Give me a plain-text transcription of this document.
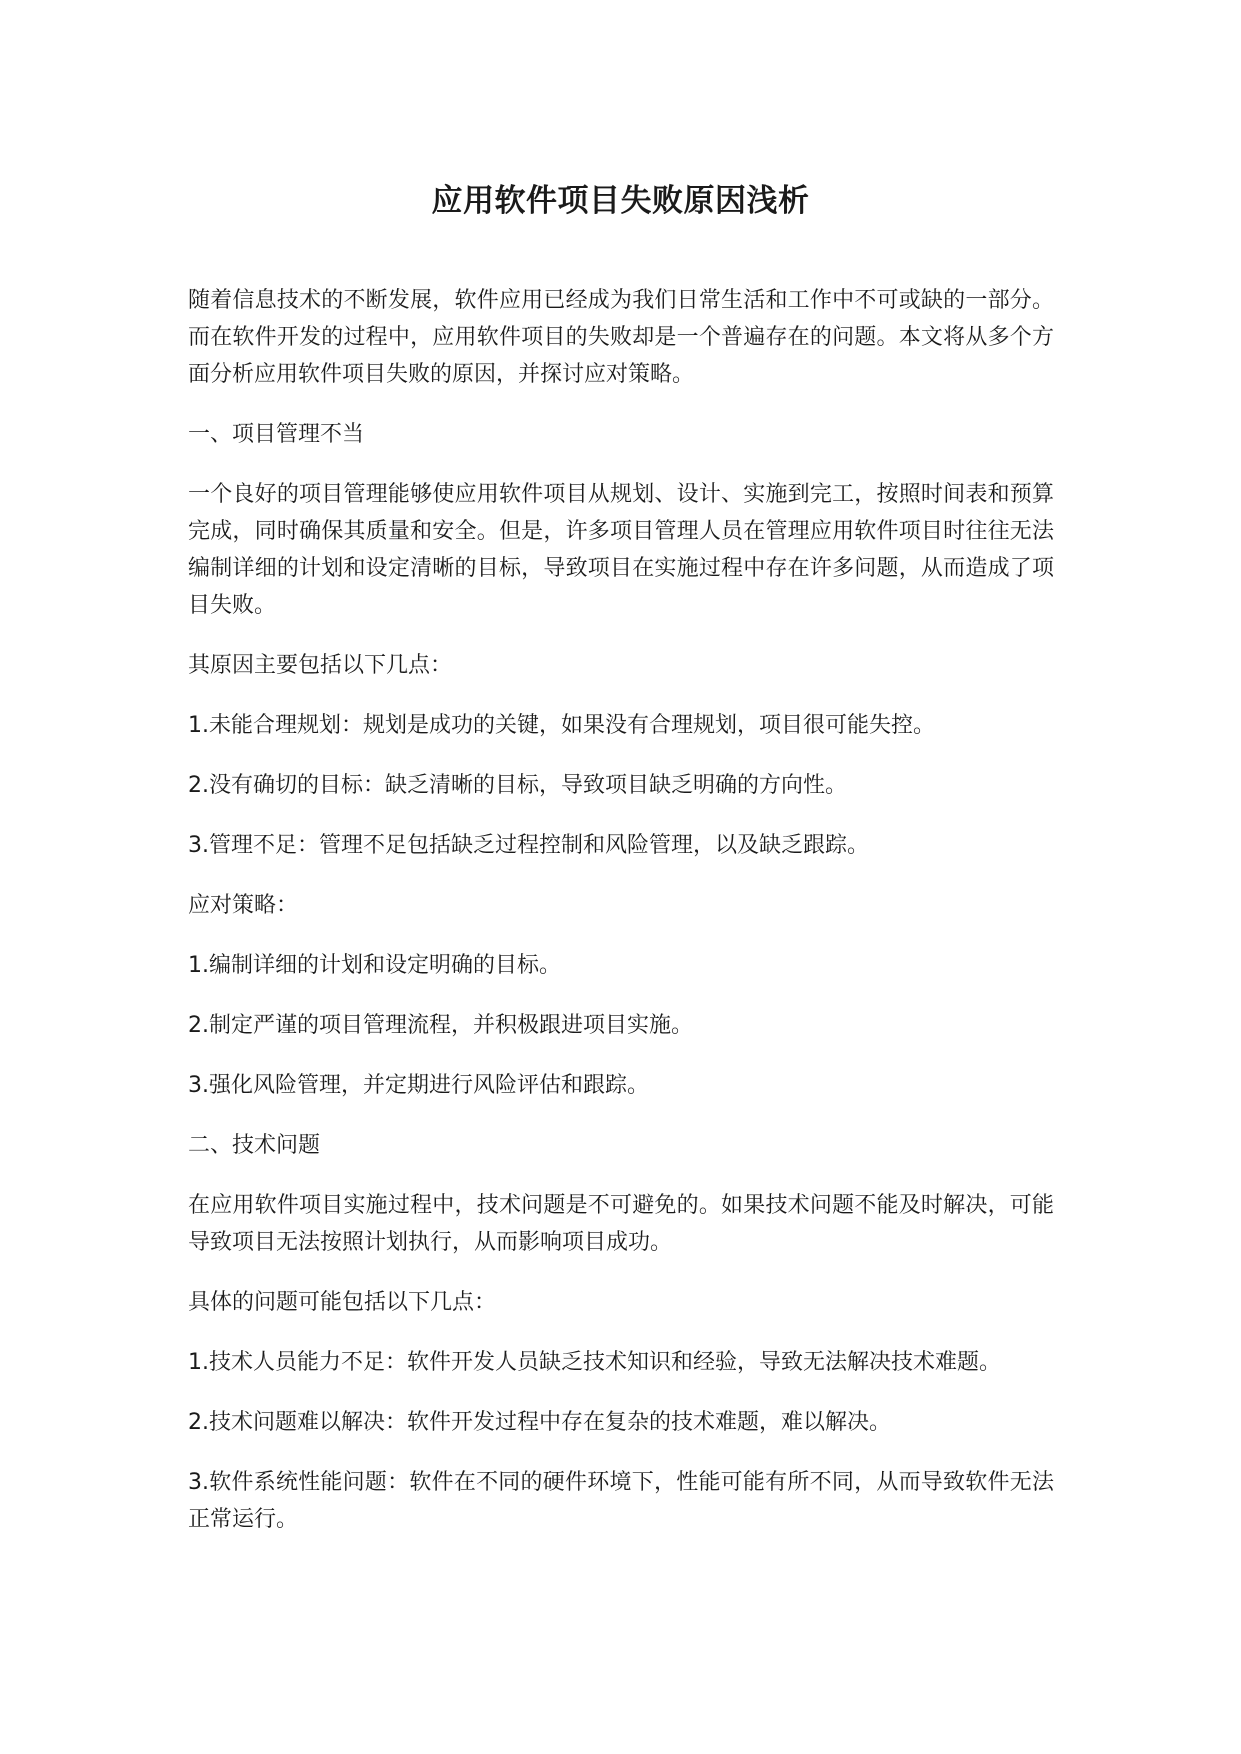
应用软件项目失败原因浅析

随着信息技术的不断发展，软件应用已经成为我们日常生活和工作中不可或缺的一部分。而在软件开发的过程中，应用软件项目的失败却是一个普遍存在的问题。本文将从多个方面分析应用软件项目失败的原因，并探讨应对策略。

一、项目管理不当

一个良好的项目管理能够使应用软件项目从规划、设计、实施到完工，按照时间表和预算完成，同时确保其质量和安全。但是，许多项目管理人员在管理应用软件项目时往往无法编制详细的计划和设定清晰的目标，导致项目在实施过程中存在许多问题，从而造成了项目失败。

其原因主要包括以下几点：

1.未能合理规划：规划是成功的关键，如果没有合理规划，项目很可能失控。

2.没有确切的目标：缺乏清晰的目标，导致项目缺乏明确的方向性。

3.管理不足：管理不足包括缺乏过程控制和风险管理，以及缺乏跟踪。

应对策略：

1.编制详细的计划和设定明确的目标。

2.制定严谨的项目管理流程，并积极跟进项目实施。

3.强化风险管理，并定期进行风险评估和跟踪。

二、技术问题

在应用软件项目实施过程中，技术问题是不可避免的。如果技术问题不能及时解决，可能导致项目无法按照计划执行，从而影响项目成功。

具体的问题可能包括以下几点：

1.技术人员能力不足：软件开发人员缺乏技术知识和经验，导致无法解决技术难题。

2.技术问题难以解决：软件开发过程中存在复杂的技术难题，难以解决。

3.软件系统性能问题：软件在不同的硬件环境下，性能可能有所不同，从而导致软件无法正常运行。
